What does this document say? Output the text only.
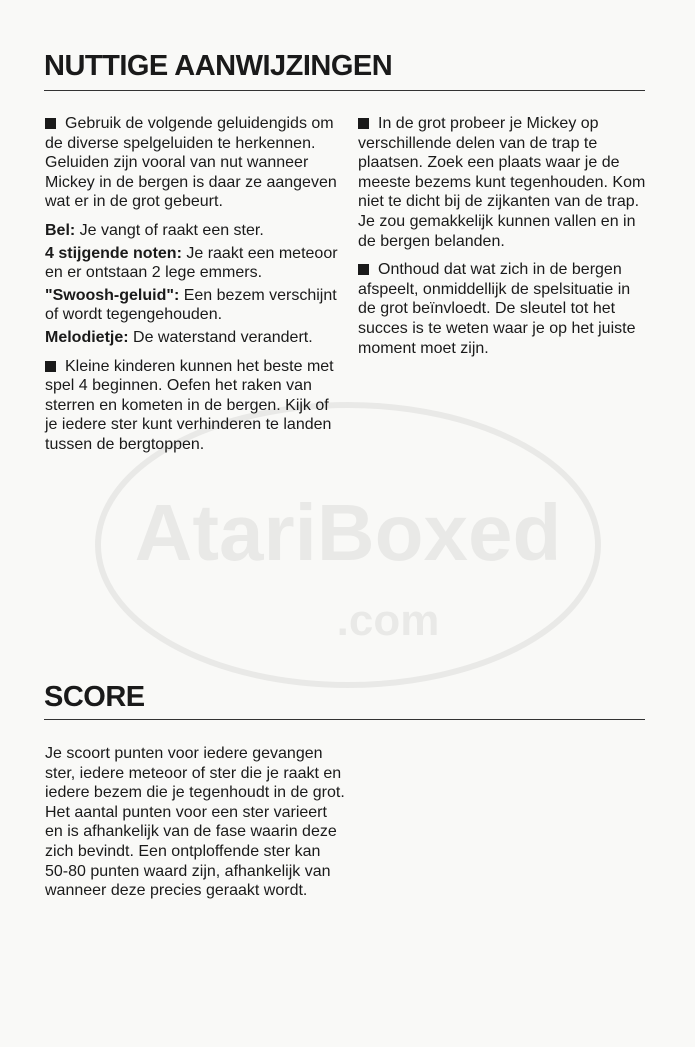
AtariBoxed
.com
NUTTIGE AANWIJZINGEN

Gebruik de volgende geluidengids om de diverse spelgeluiden te herkennen. Geluiden zijn vooral van nut wanneer Mickey in de bergen is daar ze aangeven wat er in de grot gebeurt.

Bel: Je vangt of raakt een ster.

4 stijgende noten: Je raakt een meteoor en er ontstaan 2 lege emmers.

"Swoosh-geluid": Een bezem verschijnt of wordt tegengehouden.

Melodietje: De waterstand verandert.

Kleine kinderen kunnen het beste met spel 4 beginnen. Oefen het raken van sterren en kometen in de bergen. Kijk of je iedere ster kunt verhinderen te landen tussen de bergtoppen.

In de grot probeer je Mickey op verschillende delen van de trap te plaatsen. Zoek een plaats waar je de meeste bezems kunt tegenhouden. Kom niet te dicht bij de zijkanten van de trap. Je zou gemakkelijk kunnen vallen en in de bergen belanden.

Onthoud dat wat zich in de bergen afspeelt, onmiddellijk de spelsituatie in de grot beïnvloedt. De sleutel tot het succes is te weten waar je op het juiste moment moet zijn.

SCORE

Je scoort punten voor iedere gevangen ster, iedere meteoor of ster die je raakt en iedere bezem die je tegenhoudt in de grot. Het aantal punten voor een ster varieert en is afhankelijk van de fase waarin deze zich bevindt. Een ontploffende ster kan 50-80 punten waard zijn, afhankelijk van wanneer deze precies geraakt wordt.
